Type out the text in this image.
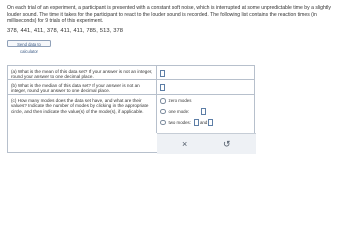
On each trial of an experiment, a participant is presented with a constant soft noise, which is interrupted at some unpredictable time by a slightly louder sound. The time it takes for the participant to react to the louder sound is recorded. The following list contains the reaction times (in milliseconds) for 9 trials of this experiment.
378, 441, 411, 378, 411, 411, 785, 513, 378
Send data to calculator
(a) What is the mean of this data set? If your answer is not an integer, round your answer to one decimal place.
(b) What is the median of this data set? If your answer is not an integer, round your answer to one decimal place.
(c) How many modes does the data set have, and what are their values? Indicate the number of modes by clicking in the appropriate circle, and then indicate the value(s) of the mode(s), if applicable.
zero modes
one mode:
two modes: and
×	↺
